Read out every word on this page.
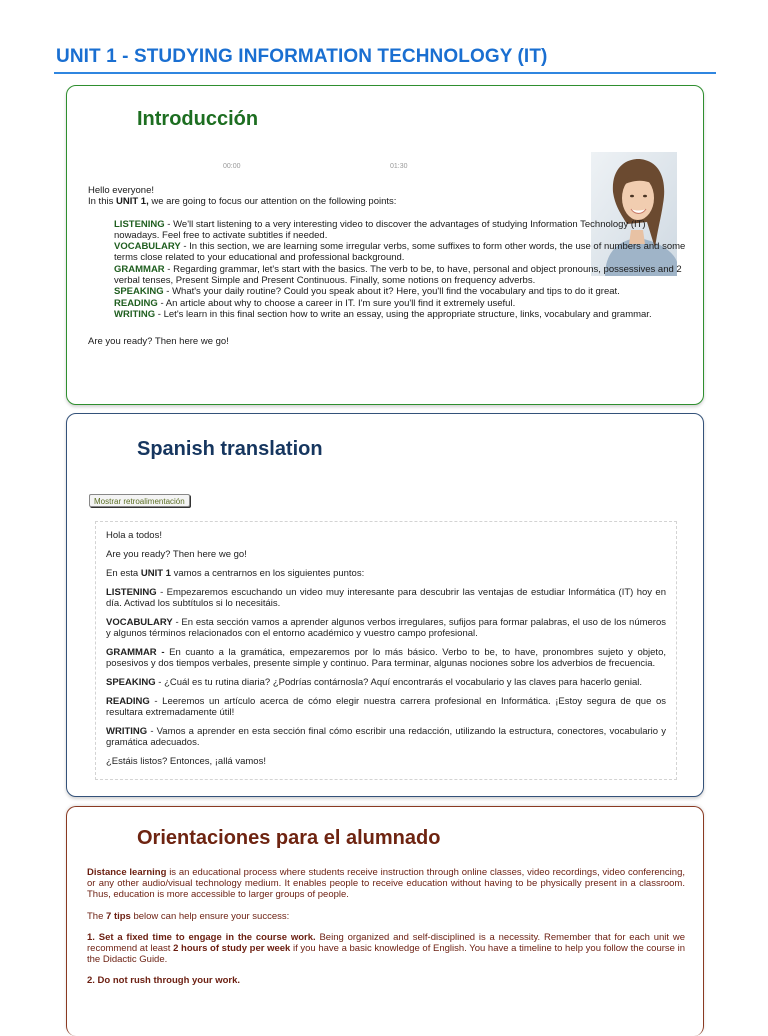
UNIT 1 - STUDYING INFORMATION TECHNOLOGY (IT)
Introducción
00:00	01:30

Hello everyone!

In this UNIT 1, we are going to focus our attention on the following points:

LISTENING - We'll start listening to a very interesting video to discover the advantages of studying Information Technology (IT) nowadays. Feel free to activate subtitles if needed.

VOCABULARY - In this section, we are learning some irregular verbs, some suffixes to form other words, the use of numbers and some terms close related to your educational and professional background.

GRAMMAR - Regarding grammar, let's start with the basics. The verb to be, to have, personal and object pronouns, possessives and 2 verbal tenses, Present Simple and Present Continuous. Finally, some notions on frequency adverbs.

SPEAKING - What's your daily routine? Could you speak about it? Here, you'll find the vocabulary and tips to do it great.

READING - An article about why to choose a career in IT. I'm sure you'll find it extremely useful.

WRITING - Let's learn in this final section how to write an essay, using the appropriate structure, links, vocabulary and grammar.

Are you ready? Then here we go!

Spanish translation
Mostrar retroalimentación

Hola a todos!

Are you ready? Then here we go!

En esta UNIT 1 vamos a centrarnos en los siguientes puntos:

LISTENING - Empezaremos escuchando un video muy interesante para descubrir las ventajas de estudiar Informática (IT) hoy en día. Activad los subtítulos si lo necesitáis.

VOCABULARY - En esta sección vamos a aprender algunos verbos irregulares, sufijos para formar palabras, el uso de los números y algunos términos relacionados con el entorno académico y vuestro campo profesional.

GRAMMAR - En cuanto a la gramática, empezaremos por lo más básico. Verbo to be, to have, pronombres sujeto y objeto, posesivos y dos tiempos verbales, presente simple y continuo. Para terminar, algunas nociones sobre los adverbios de frecuencia.

SPEAKING - ¿Cuál es tu rutina diaria? ¿Podrías contárnosla? Aquí encontrarás el vocabulario y las claves para hacerlo genial.

READING - Leeremos un artículo acerca de cómo elegir nuestra carrera profesional en Informática. ¡Estoy segura de que os resultara extremadamente útil!

WRITING - Vamos a aprender en esta sección final cómo escribir una redacción, utilizando la estructura, conectores, vocabulario y gramática adecuados.

¿Estáis listos? Entonces, ¡allá vamos!

Orientaciones para el alumnado

Distance learning is an educational process where students receive instruction through online classes, video recordings, video conferencing, or any other audio/visual technology medium. It enables people to receive education without having to be physically present in a classroom. Thus, education is more accessible to larger groups of people.

The 7 tips below can help ensure your success:

1. Set a fixed time to engage in the course work. Being organized and self-disciplined is a necessity. Remember that for each unit we recommend at least 2 hours of study per week if you have a basic knowledge of English. You have a timeline to help you follow the course in the Didactic Guide.

2. Do not rush through your work.
